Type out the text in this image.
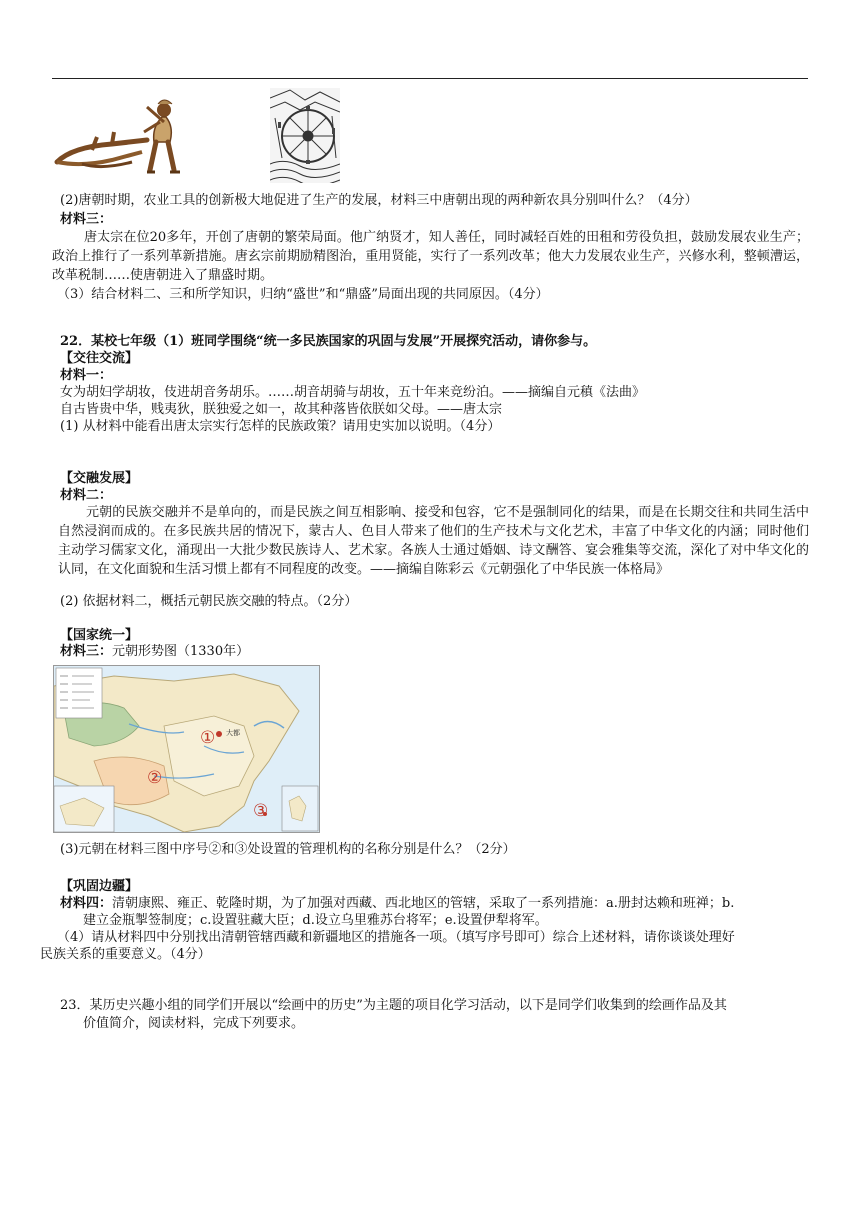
(2)唐朝时期，农业工具的创新极大地促进了生产的发展，材料三中唐朝出现的两种新农具分别叫什么？（4分）
材料三：
唐太宗在位20多年，开创了唐朝的繁荣局面。他广纳贤才，知人善任，同时减轻百姓的田租和劳役负担，鼓励发展农业生产；政治上推行了一系列革新措施。唐玄宗前期励精图治，重用贤能，实行了一系列改革；他大力发展农业生产，兴修水利，整顿漕运，改革税制……使唐朝进入了鼎盛时期。
（3）结合材料二、三和所学知识，归纳“盛世”和“鼎盛”局面出现的共同原因。（4分）
22．某校七年级（1）班同学围绕“统一多民族国家的巩固与发展”开展探究活动，请你参与。
【交往交流】
材料一：
女为胡妇学胡妆，伎进胡音务胡乐。……胡音胡骑与胡妆，五十年来竞纷泊。——摘编自元稹《法曲》
自古皆贵中华，贱夷狄，朕独爱之如一，故其种落皆依朕如父母。——唐太宗
(1) 从材料中能看出唐太宗实行怎样的民族政策？请用史实加以说明。（4分）
【交融发展】
材料二：
元朝的民族交融并不是单向的，而是民族之间互相影响、接受和包容，它不是强制同化的结果，而是在长期交往和共同生活中自然浸润而成的。在多民族共居的情况下，蒙古人、色目人带来了他们的生产技术与文化艺术，丰富了中华文化的内涵；同时他们主动学习儒家文化，涌现出一大批少数民族诗人、艺术家。各族人士通过婚姻、诗文酬答、宴会雅集等交流，深化了对中华文化的认同，在文化面貌和生活习惯上都有不同程度的改变。——摘编自陈彩云《元朝强化了中华民族一体格局》
(2) 依据材料二，概括元朝民族交融的特点。（2分）
【国家统一】
材料三：元朝形势图（1330年）
① 大都
②
③
(3)元朝在材料三图中序号②和③处设置的管理机构的名称分别是什么？（2分）
【巩固边疆】
材料四：清朝康熙、雍正、乾隆时期，为了加强对西藏、西北地区的管辖，采取了一系列措施：a.册封达赖和班禅；b.
建立金瓶掣签制度；c.设置驻藏大臣；d.设立乌里雅苏台将军；e.设置伊犁将军。
（4）请从材料四中分别找出清朝管辖西藏和新疆地区的措施各一项。（填写序号即可）综合上述材料，请你谈谈处理好
民族关系的重要意义。（4分）
23．某历史兴趣小组的同学们开展以“绘画中的历史”为主题的项目化学习活动，以下是同学们收集到的绘画作品及其
价值简介，阅读材料，完成下列要求。
